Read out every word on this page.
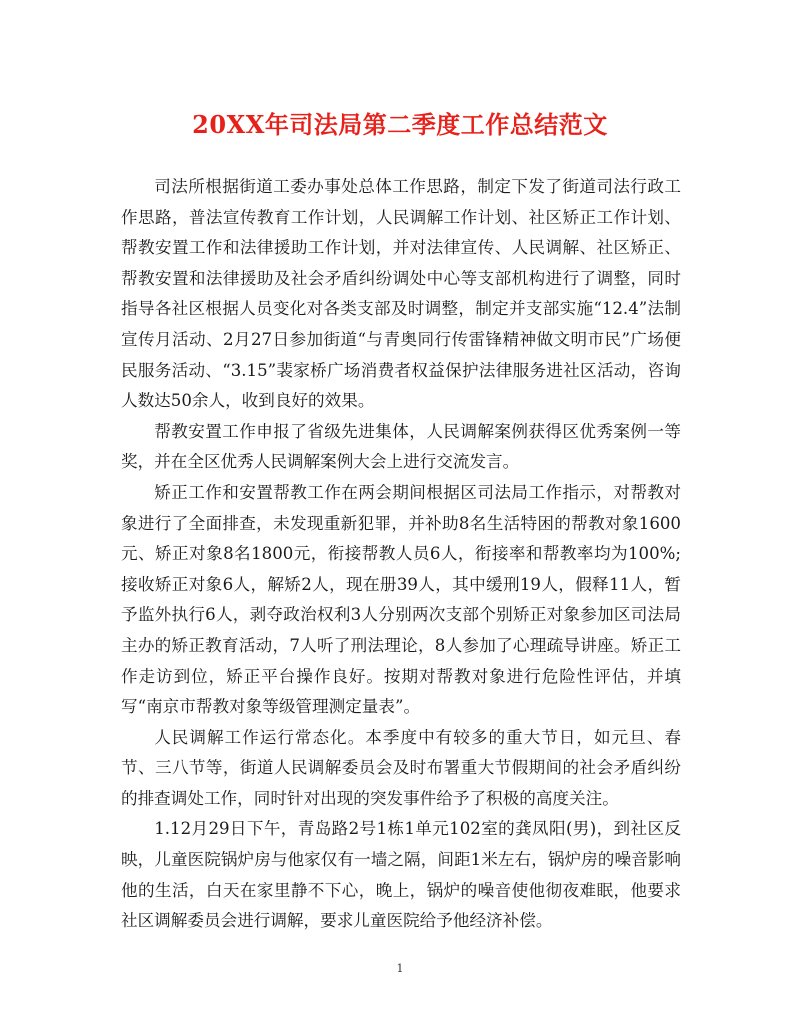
20XX年司法局第二季度工作总结范文

司法所根据街道工委办事处总体工作思路，制定下发了街道司法行政工作思路，普法宣传教育工作计划，人民调解工作计划、社区矫正工作计划、帮教安置工作和法律援助工作计划，并对法律宣传、人民调解、社区矫正、帮教安置和法律援助及社会矛盾纠纷调处中心等支部机构进行了调整，同时指导各社区根据人员变化对各类支部及时调整，制定并支部实施“12.4”法制宣传月活动、2月27日参加街道“与青奥同行传雷锋精神做文明市民”广场便民服务活动、“3.15”裴家桥广场消费者权益保护法律服务进社区活动，咨询人数达50余人，收到良好的效果。

帮教安置工作申报了省级先进集体，人民调解案例获得区优秀案例一等奖，并在全区优秀人民调解案例大会上进行交流发言。

矫正工作和安置帮教工作在两会期间根据区司法局工作指示，对帮教对象进行了全面排查，未发现重新犯罪，并补助8名生活特困的帮教对象1600元、矫正对象8名1800元，衔接帮教人员6人，衔接率和帮教率均为100%;接收矫正对象6人，解矫2人，现在册39人，其中缓刑19人，假释11人，暂予监外执行6人，剥夺政治权利3人分别两次支部个别矫正对象参加区司法局主办的矫正教育活动，7人听了刑法理论，8人参加了心理疏导讲座。矫正工作走访到位，矫正平台操作良好。按期对帮教对象进行危险性评估，并填写“南京市帮教对象等级管理测定量表”。

人民调解工作运行常态化。本季度中有较多的重大节日，如元旦、春节、三八节等，街道人民调解委员会及时布署重大节假期间的社会矛盾纠纷的排查调处工作，同时针对出现的突发事件给予了积极的高度关注。

1.12月29日下午，青岛路2号1栋1单元102室的龚凤阳(男)，到社区反映，儿童医院锅炉房与他家仅有一墙之隔，间距1米左右，锅炉房的噪音影响他的生活，白天在家里静不下心，晚上，锅炉的噪音使他彻夜难眠，他要求社区调解委员会进行调解，要求儿童医院给予他经济补偿。

1
